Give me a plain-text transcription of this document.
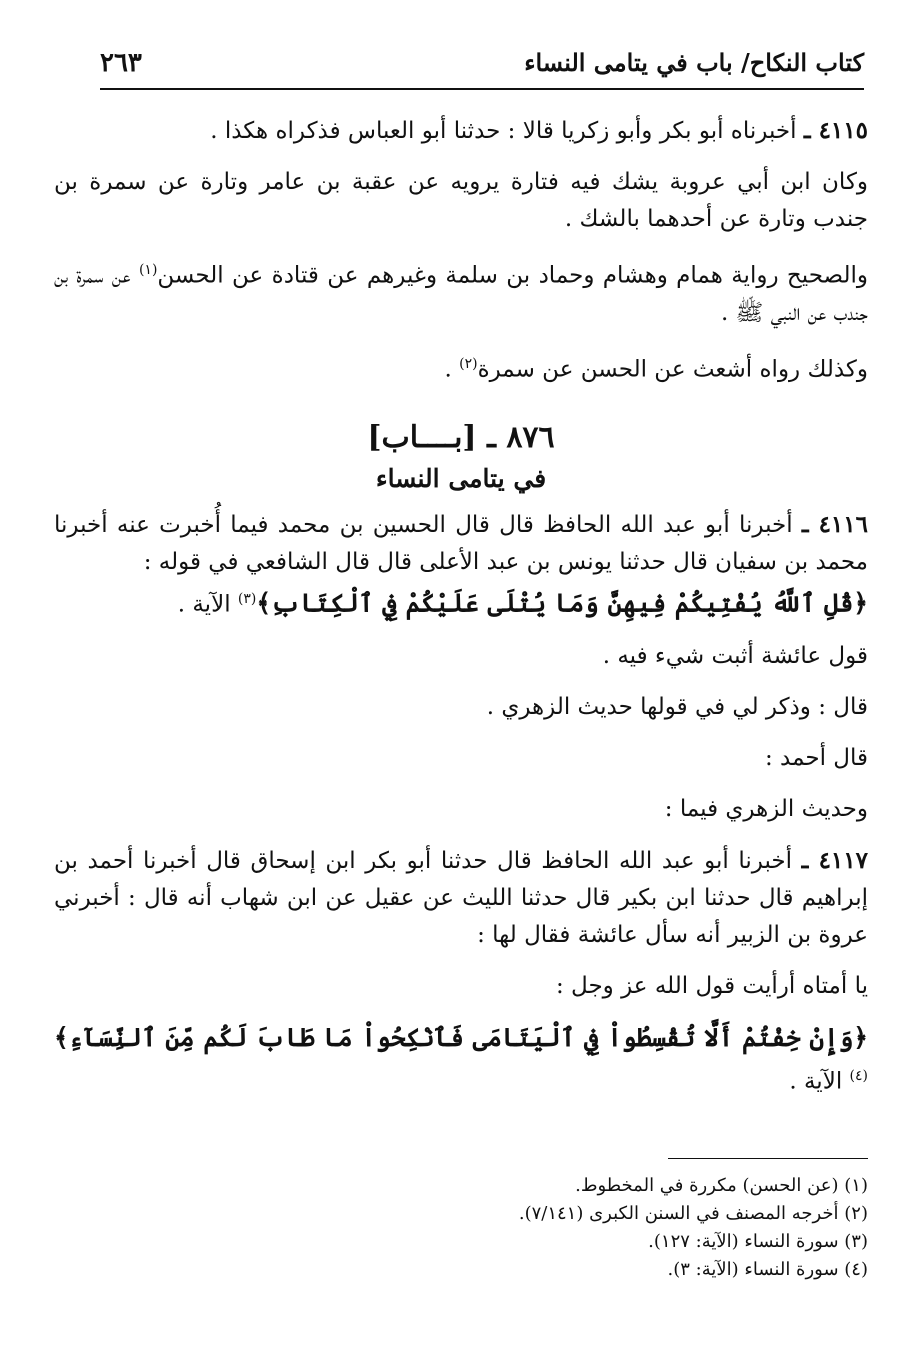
كتاب النكاح/ باب في يتامى النساء
٢٦٣

٤١١٥ ـ أخبرناه أبو بكر وأبو زكريا قالا : حدثنا أبو العباس فذكراه هكذا .

وكان ابن أبي عروبة يشك فيه فتارة يرويه عن عقبة بن عامر وتارة عن سمرة بن جندب وتارة عن أحدهما بالشك .

والصحيح رواية همام وهشام وحماد بن سلمة وغيرهم عن قتادة عن الحسن$^{(١)}$ عن سمرة بن جندب عن النبي ﷺ .

وكذلك رواه أشعث عن الحسن عن سمرة$^{(٢)}$ .

٨٧٦ ـ [بــــاب]

في يتامى النساء

٤١١٦ ـ أخبرنا أبو عبد الله الحافظ قال قال الحسين بن محمد فيما أُخبرت عنه أخبرنا محمد بن سفيان قال حدثنا يونس بن عبد الأعلى قال قال الشافعي في قوله :

﴿قُلِ ٱللَّهُ يُفْتِيكُمْ فِيهِنَّ وَمَا يُتْلَى عَلَيْكُمْ فِي ٱلْكِتَابِ﴾$^{(٣)}$ الآية .

قول عائشة أثبت شيء فيه .

قال : وذكر لي في قولها حديث الزهري .

قال أحمد :

وحديث الزهري فيما :

٤١١٧ ـ أخبرنا أبو عبد الله الحافظ قال حدثنا أبو بكر ابن إسحاق قال أخبرنا أحمد بن إبراهيم قال حدثنا ابن بكير قال حدثنا الليث عن عقيل عن ابن شهاب أنه قال : أخبرني عروة بن الزبير أنه سأل عائشة فقال لها :

يا أمتاه أرأيت قول الله عز وجل :

﴿وَإِنْ خِفْتُمْ أَلَّا تُقْسِطُواْ فِي ٱلْيَتَامَى فَٱنْكِحُواْ مَا طَابَ لَكُم مِّنَ ٱلنِّسَآءِ﴾$^{(٤)}$ الآية .

(١) (عن الحسن) مكررة في المخطوط.

(٢) أخرجه المصنف في السنن الكبرى (٧/١٤١).

(٣) سورة النساء (الآية: ١٢٧).

(٤) سورة النساء (الآية: ٣).
